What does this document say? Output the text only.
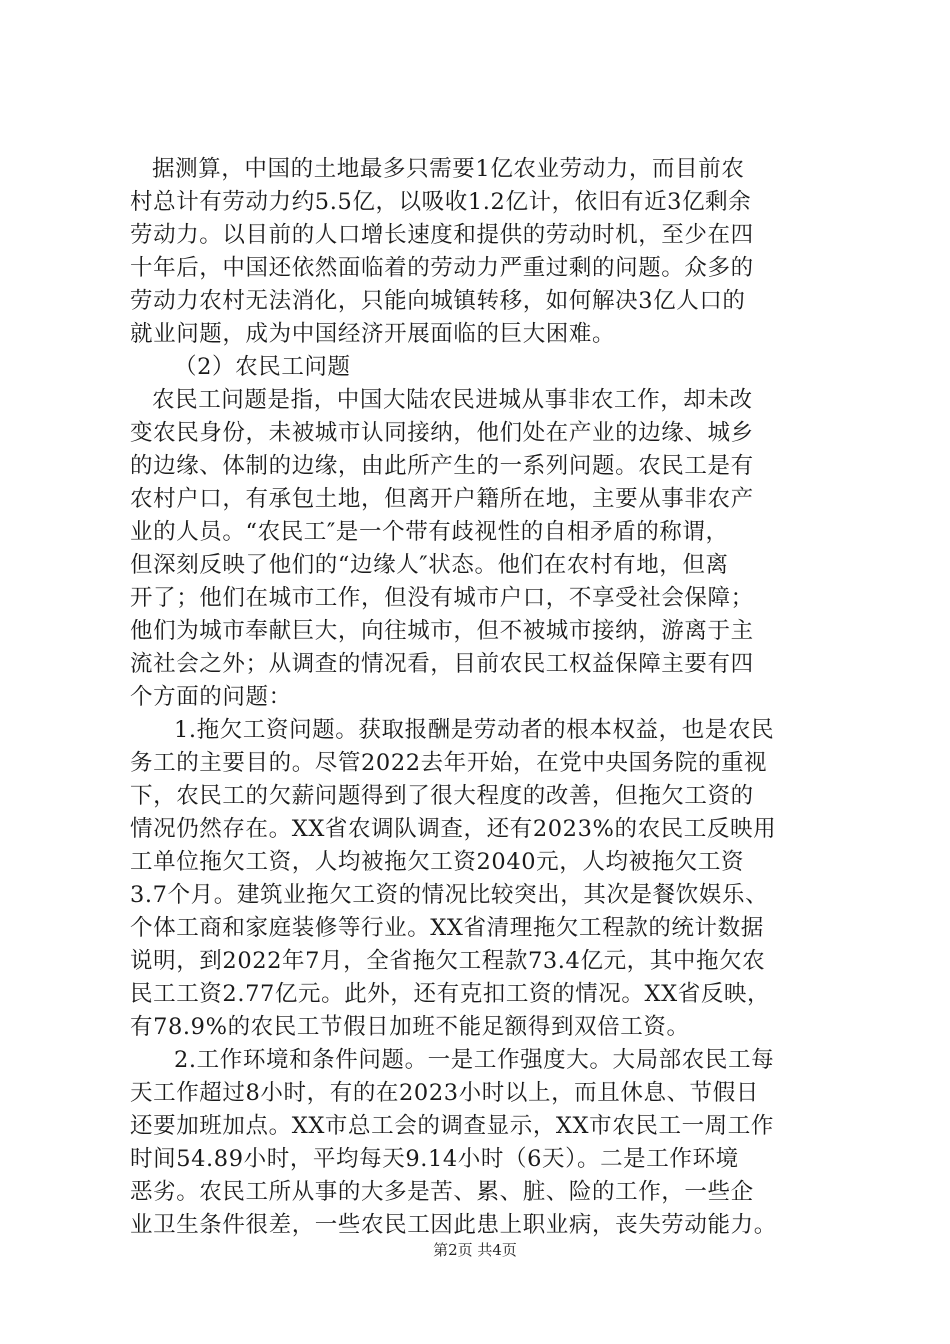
据测算，中国的土地最多只需要1亿农业劳动力，而目前农
村总计有劳动力约5.5亿，以吸收1.2亿计，依旧有近3亿剩余
劳动力。以目前的人口增长速度和提供的劳动时机，至少在四
十年后，中国还依然面临着的劳动力严重过剩的问题。众多的
劳动力农村无法消化，只能向城镇转移，如何解决3亿人口的
就业问题，成为中国经济开展面临的巨大困难。
（2）农民工问题
农民工问题是指，中国大陆农民进城从事非农工作，却未改
变农民身份，未被城市认同接纳，他们处在产业的边缘、城乡
的边缘、体制的边缘，由此所产生的一系列问题。农民工是有
农村户口，有承包土地，但离开户籍所在地，主要从事非农产
业的人员。“农民工″是一个带有歧视性的自相矛盾的称谓，
但深刻反映了他们的“边缘人″状态。他们在农村有地，但离
开了；他们在城市工作，但没有城市户口，不享受社会保障；
他们为城市奉献巨大，向往城市，但不被城市接纳，游离于主
流社会之外；从调查的情况看，目前农民工权益保障主要有四
个方面的问题：
1.拖欠工资问题。获取报酬是劳动者的根本权益，也是农民
务工的主要目的。尽管2022去年开始，在党中央国务院的重视
下，农民工的欠薪问题得到了很大程度的改善，但拖欠工资的
情况仍然存在。XX省农调队调查，还有2023%的农民工反映用
工单位拖欠工资，人均被拖欠工资2040元，人均被拖欠工资
3.7个月。建筑业拖欠工资的情况比较突出，其次是餐饮娱乐、
个体工商和家庭装修等行业。XX省清理拖欠工程款的统计数据
说明，到2022年7月，全省拖欠工程款73.4亿元，其中拖欠农
民工工资2.77亿元。此外，还有克扣工资的情况。XX省反映，
有78.9%的农民工节假日加班不能足额得到双倍工资。
2.工作环境和条件问题。一是工作强度大。大局部农民工每
天工作超过8小时，有的在2023小时以上，而且休息、节假日
还要加班加点。XX市总工会的调查显示，XX市农民工一周工作
时间54.89小时，平均每天9.14小时（6天）。二是工作环境
恶劣。农民工所从事的大多是苦、累、脏、险的工作，一些企
业卫生条件很差，一些农民工因此患上职业病，丧失劳动能力。
第2页 共4页
